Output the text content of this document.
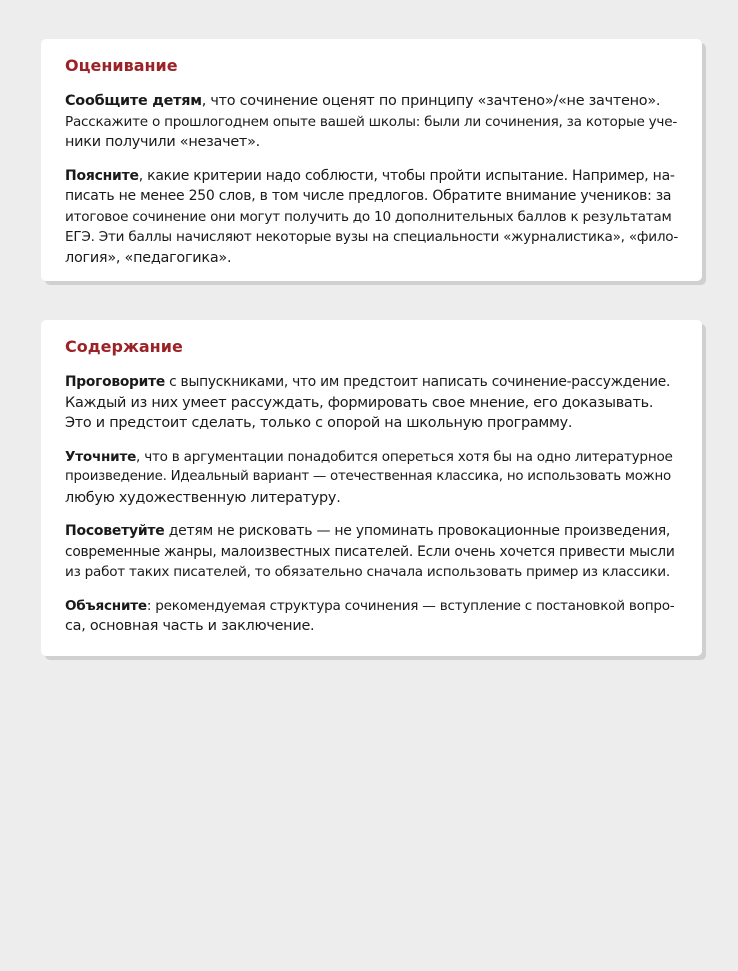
Оценивание

Сообщите детям, что сочинение оценят по принципу «зачтено»/«не зачтено».
Расскажите о прошлогоднем опыте вашей школы: были ли сочинения, за которые уче-
ники получили «незачет».

Поясните, какие критерии надо соблюсти, чтобы пройти испытание. Например, на-
писать не менее 250 слов, в том числе предлогов. Обратите внимание учеников: за
итоговое сочинение они могут получить до 10 дополнительных баллов к результатам
ЕГЭ. Эти баллы начисляют некоторые вузы на специальности «журналистика», «фило-
логия», «педагогика».

Содержание

Проговорите с выпускниками, что им предстоит написать сочинение-рассуждение.
Каждый из них умеет рассуждать, формировать свое мнение, его доказывать.
Это и предстоит сделать, только с опорой на школьную программу.

Уточните, что в аргументации понадобится опереться хотя бы на одно литературное
произведение. Идеальный вариант — отечественная классика, но использовать можно
любую художественную литературу.

Посоветуйте детям не рисковать — не упоминать провокационные произведения,
современные жанры, малоизвестных писателей. Если очень хочется привести мысли
из работ таких писателей, то обязательно сначала использовать пример из классики.

Объясните: рекомендуемая структура сочинения — вступление с постановкой вопро-
са, основная часть и заключение.
